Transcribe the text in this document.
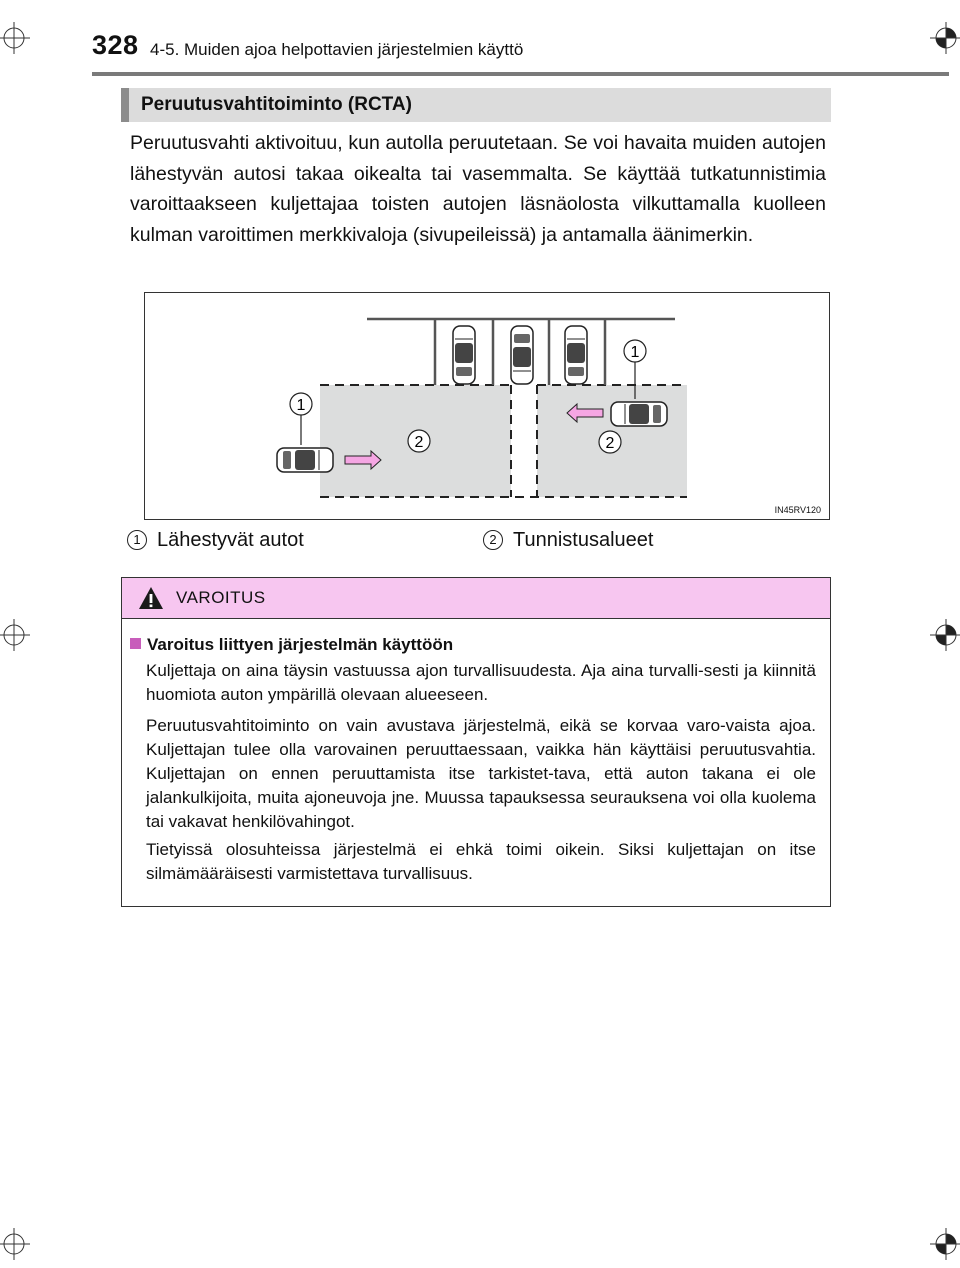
328 4-5. Muiden ajoa helpottavien järjestelmien käyttö
Peruutusvahtitoiminto (RCTA)

Peruutusvahti aktivoituu, kun autolla peruutetaan. Se voi havaita muiden autojen lähestyvän autosi takaa oikealta tai vasemmalta. Se käyttää tutkatunnistimia varoittaakseen kuljettajaa toisten autojen läsnäolosta vilkuttamalla kuolleen kulman varoittimen merkkivaloja (sivupeileissä) ja antamalla äänimerkin.

1
1
2	2
IN45RV120
1 Lähestyvät autot	2 Tunnistusalueet
VAROITUS
Varoitus liittyen järjestelmän käyttöön

Kuljettaja on aina täysin vastuussa ajon turvallisuudesta. Aja aina turvalli-sesti ja kiinnitä huomiota auton ympärillä olevaan alueeseen.

Peruutusvahtitoiminto on vain avustava järjestelmä, eikä se korvaa varo-vaista ajoa. Kuljettajan tulee olla varovainen peruuttaessaan, vaikka hän käyttäisi peruutusvahtia. Kuljettajan on ennen peruuttamista itse tarkistet-tava, että auton takana ei ole jalankulkijoita, muita ajoneuvoja jne. Muussa tapauksessa seurauksena voi olla kuolema tai vakavat henkilövahingot.

Tietyissä olosuhteissa järjestelmä ei ehkä toimi oikein. Siksi kuljettajan on itse silmämääräisesti varmistettava turvallisuus.
